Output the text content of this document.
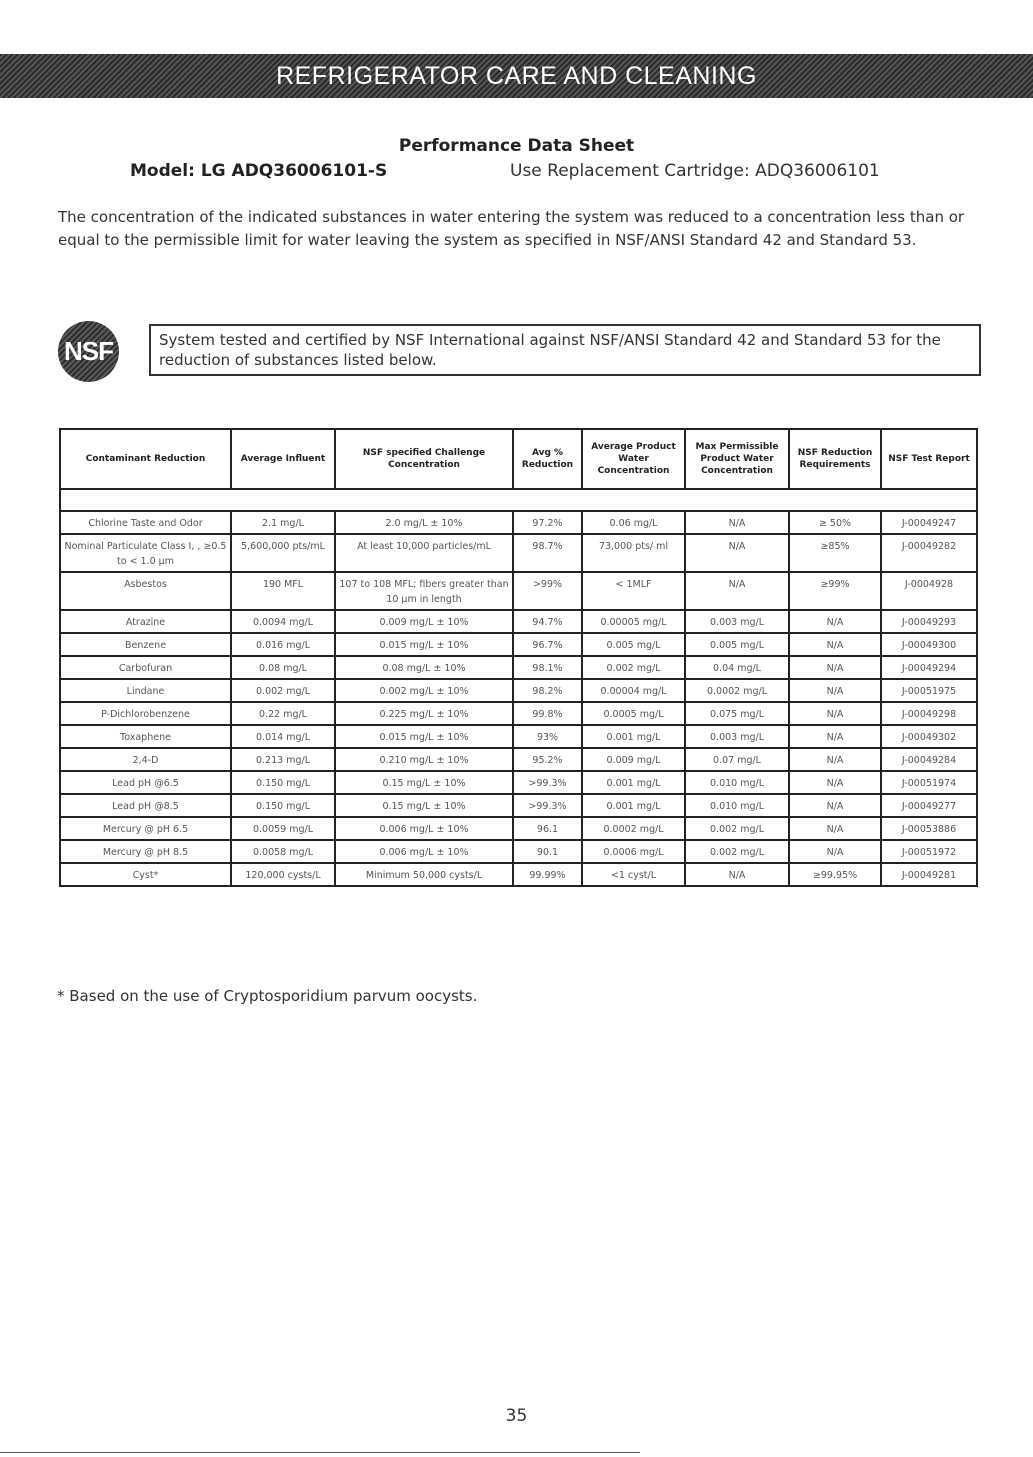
REFRIGERATOR CARE AND CLEANING
Performance Data Sheet
Model: LG ADQ36006101-S	Use Replacement Cartridge: ADQ36006101
The concentration of the indicated substances in water entering the system was reduced to a concentration less than or equal to the permissible limit for water leaving the system as specified in NSF/ANSI Standard 42 and Standard 53.
NSF	System tested and certified by NSF International against NSF/ANSI Standard 42 and Standard 53 for the reduction of substances listed below.
Contaminant Reduction	Average Influent	NSF specified Challenge Concentration	Avg % Reduction	Average Product Water Concentration	Max Permissible Product Water Concentration	NSF Reduction Requirements	NSF Test Report

Chlorine Taste and Odor	2.1 mg/L	2.0 mg/L ± 10%	97.2%	0.06 mg/L	N/A	≥ 50%	J-00049247
Nominal Particulate Class I, , ≥0.5 to < 1.0 µm	5,600,000 pts/mL	At least 10,000 particles/mL	98.7%	73,000 pts/ ml	N/A	≥85%	J-00049282
Asbestos	190 MFL	107 to 108 MFL; fibers greater than 10 µm in length	>99%	< 1MLF	N/A	≥99%	J-0004928
Atrazine	0.0094 mg/L	0.009 mg/L ± 10%	94.7%	0.00005 mg/L	0.003 mg/L	N/A	J-00049293
Benzene	0.016 mg/L	0.015 mg/L ± 10%	96.7%	0.005 mg/L	0.005 mg/L	N/A	J-00049300
Carbofuran	0.08 mg/L	0.08 mg/L ± 10%	98.1%	0.002 mg/L	0.04 mg/L	N/A	J-00049294
Lindane	0.002 mg/L	0.002 mg/L ± 10%	98.2%	0.00004 mg/L	0.0002 mg/L	N/A	J-00051975
P-Dichlorobenzene	0.22 mg/L	0.225 mg/L ± 10%	99.8%	0.0005 mg/L	0.075 mg/L	N/A	J-00049298
Toxaphene	0.014 mg/L	0.015 mg/L ± 10%	93%	0.001 mg/L	0.003 mg/L	N/A	J-00049302
2,4-D	0.213 mg/L	0.210 mg/L ± 10%	95.2%	0.009 mg/L	0.07 mg/L	N/A	J-00049284
Lead pH @6.5	0.150 mg/L	0.15 mg/L ± 10%	>99.3%	0.001 mg/L	0.010 mg/L	N/A	J-00051974
Lead pH @8.5	0.150 mg/L	0.15 mg/L ± 10%	>99.3%	0.001 mg/L	0.010 mg/L	N/A	J-00049277
Mercury @ pH 6.5	0.0059 mg/L	0.006 mg/L ± 10%	96.1	0.0002 mg/L	0.002 mg/L	N/A	J-00053886
Mercury @ pH 8.5	0.0058 mg/L	0.006 mg/L ± 10%	90.1	0.0006 mg/L	0.002 mg/L	N/A	J-00051972
Cyst*	120,000 cysts/L	Minimum 50,000 cysts/L	99.99%	<1 cyst/L	N/A	≥99.95%	J-00049281
* Based on the use of Cryptosporidium parvum oocysts.
35
